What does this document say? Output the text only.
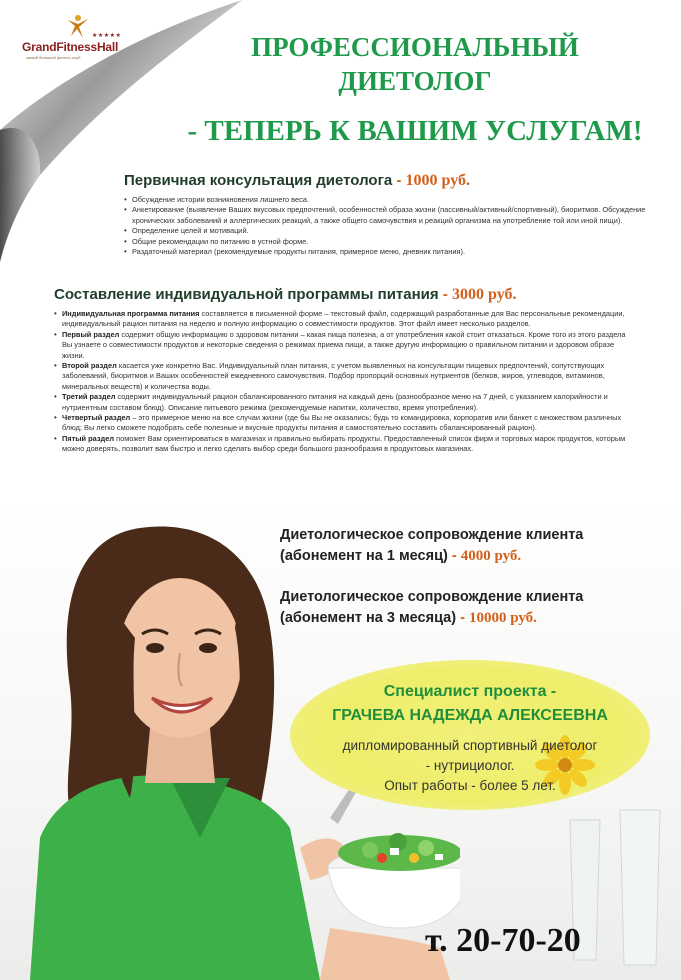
★★★★★
GrandFitnessHall
самый большой фитнес-клуб	ПРОФЕССИОНАЛЬНЫЙ
ДИЕТОЛОГ
- ТЕПЕРЬ К ВАШИМ УСЛУГАМ!
Первичная консультация диетолога - 1000 руб.
• Обсуждение истории возникновения лишнего веса.
• Анкетирование (выявление Ваших вкусовых предпочтений, особенностей образа жизни (пассивный/активный/спортивный), биоритмов. Обсуждение хронических заболеваний и аллергических реакций, а также общего самочувствия и реакций организма на употребление той или иной пищи).
• Определение целей и мотиваций.
• Общие рекомендации по питанию в устной форме.
• Раздаточный материал (рекомендуемые продукты питания, примерное меню, дневник питания).
Составление индивидуальной программы питания - 3000 руб.
• Индивидуальная программа питания составляется в письменной форме – текстовый файл, содержащий разработанные для Вас персональные рекомендации, индивидуальный рацион питания на неделю и полную информацию о совместимости продуктов. Этот файл имеет несколько разделов.
• Первый раздел содержит общую информацию о здоровом питании – какая пища полезна, а от употребления какой стоит отказаться. Кроме того из этого раздела Вы узнаете о совместимости продуктов и некоторые сведения о режимах приема пищи, а также другую информацию о правильном питании и здоровом образе жизни.
• Второй раздел касается уже конкретно Вас. Индивидуальный план питания, с учетом выявленных на консультации пищевых предпочтений, сопутствующих заболеваний, биоритмов и Ваших особенностей ежедневного самочувствия. Подбор пропорций основных нутриентов (белков, жиров, углеводов, витаминов, минеральных веществ) и количества воды.
• Третий раздел содержит индивидуальный рацион сбалансированного питания на каждый день (разнообразное меню на 7 дней, с указанием калорийности и нутриентным составом блюд). Описание питьевого режима (рекомендуемые напитки, количество, время употребления).
• Четвертый раздел – это примерное меню на все случаи жизни (где бы Вы не оказались; будь то командировка, корпоратив или банкет с множеством различных блюд; Вы легко сможете подобрать себе полезные и вкусные продукты питания и самостоятельно составить сбалансированный рацион).
• Пятый раздел поможет Вам ориентироваться в магазинах и правильно выбирать продукты. Предоставленный список фирм и торговых марок продуктов, которым можно доверять, позволит вам быстро и легко сделать выбор среди большого разнообразия в продуктовых магазинах.
Диетологическое сопровождение клиента
(абонемент на 1 месяц) - 4000 руб.
Диетологическое сопровождение клиента
(абонемент на 3 месяца) - 10000 руб.
Специалист проекта -
ГРАЧЕВА НАДЕЖДА АЛЕКСЕЕВНА
дипломированный спортивный диетолог
- нутрициолог.
Опыт работы - более 5 лет.
т. 20-70-20
